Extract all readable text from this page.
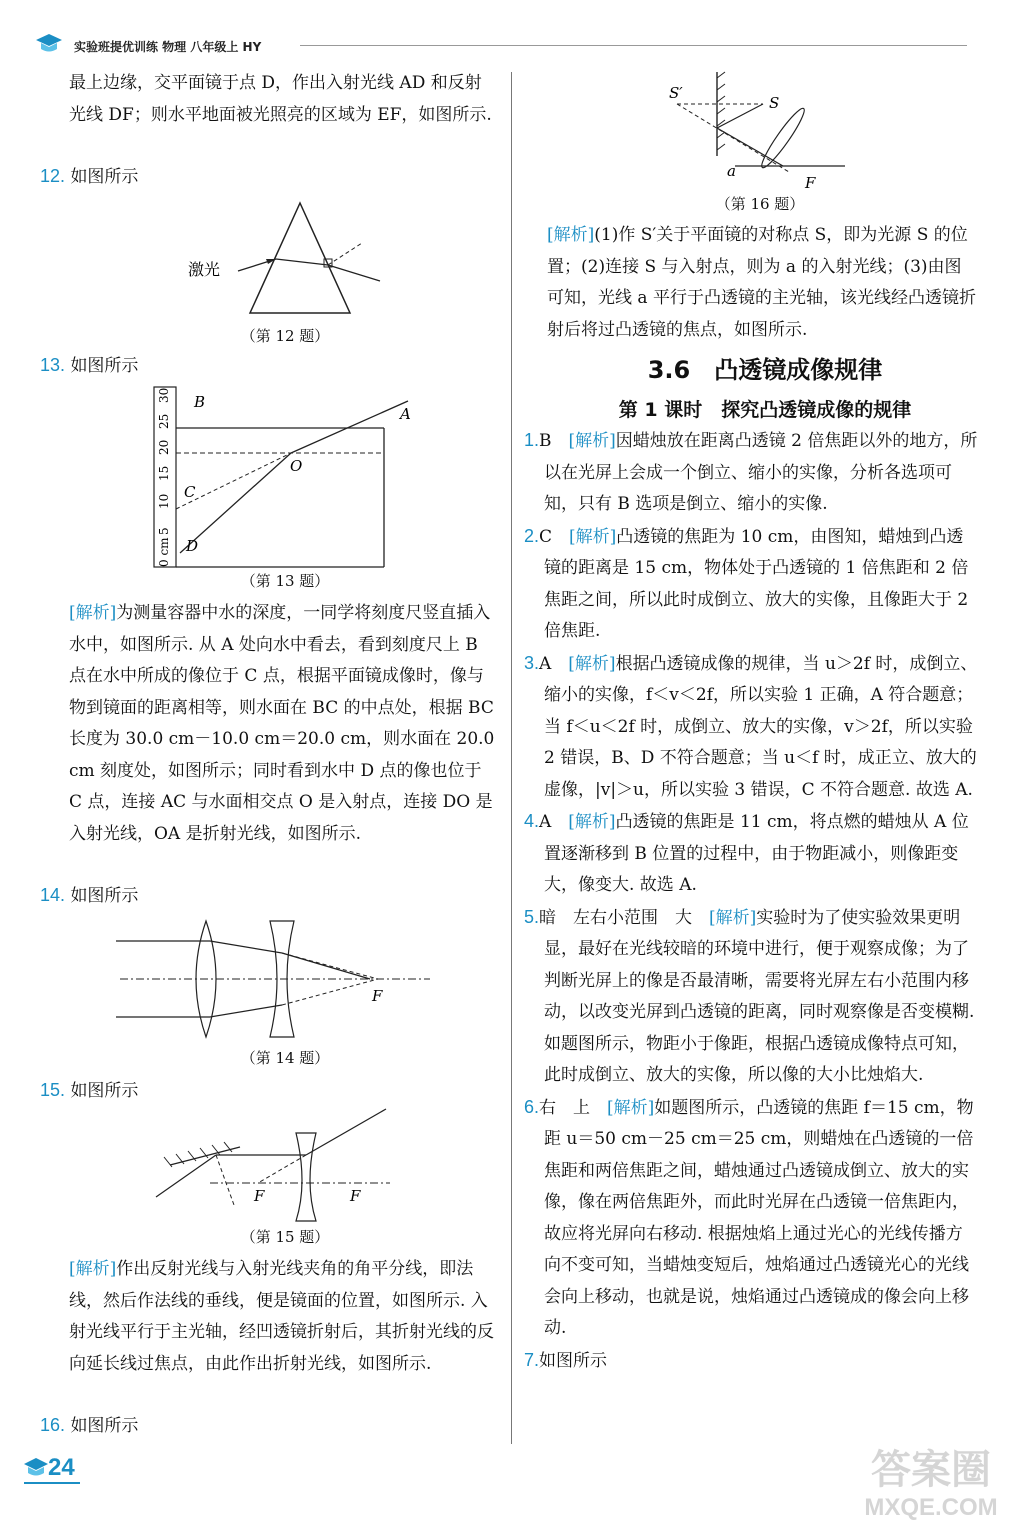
实验班提优训练 物理 八年级上 HY

最上边缘，交平面镜于点 D，作出入射光线 AD 和反射光线 DF；则水平地面被光照亮的区域为 EF，如图所示.

12. 如图所示
激光
（第 12 题）
13. 如图所示
B
A
O
C
D
0 cm
5
10
15
20
25
30
（第 13 题）

[解析]为测量容器中水的深度，一同学将刻度尺竖直插入水中，如图所示. 从 A 处向水中看去，看到刻度尺上 B 点在水中所成的像位于 C 点，根据平面镜成像时，像与物到镜面的距离相等，则水面在 BC 的中点处，根据 BC 长度为 30.0 cm－10.0 cm＝20.0 cm，则水面在 20.0 cm 刻度处，如图所示；同时看到水中 D 点的像也位于 C 点，连接 AC 与水面相交点 O 是入射点，连接 DO 是入射光线，OA 是折射光线，如图所示.

14. 如图所示
F
（第 14 题）
15. 如图所示
F	F
（第 15 题）

[解析]作出反射光线与入射光线夹角的角平分线，即法线，然后作法线的垂线，便是镜面的位置，如图所示. 入射光线平行于主光轴，经凹透镜折射后，其折射光线的反向延长线过焦点，由此作出折射光线，如图所示.

16. 如图所示
24
S′
S
a
F
（第 16 题）

[解析](1)作 S′关于平面镜的对称点 S，即为光源 S 的位置；(2)连接 S 与入射点，则为 a 的入射光线；(3)由图可知，光线 a 平行于凸透镜的主光轴，该光线经凸透镜折射后将过凸透镜的焦点，如图所示.

3.6　凸透镜成像规律
第 1 课时　探究凸透镜成像的规律

1.B　 [解析]因蜡烛放在距离凸透镜 2 倍焦距以外的地方，所以在光屏上会成一个倒立、缩小的实像，分析各选项可知，只有 B 选项是倒立、缩小的实像.

2.C　 [解析]凸透镜的焦距为 10 cm，由图知，蜡烛到凸透镜的距离是 15 cm，物体处于凸透镜的 1 倍焦距和 2 倍焦距之间，所以此时成倒立、放大的实像，且像距大于 2 倍焦距.

3.A　 [解析]根据凸透镜成像的规律，当 u＞2f 时，成倒立、缩小的实像，f＜v＜2f，所以实验 1 正确，A 符合题意；当 f＜u＜2f 时，成倒立、放大的实像，v＞2f，所以实验 2 错误，B、D 不符合题意；当 u＜f 时，成正立、放大的虚像，|v|＞u，所以实验 3 错误，C 不符合题意. 故选 A.

4.A　 [解析]凸透镜的焦距是 11 cm，将点燃的蜡烛从 A 位置逐渐移到 B 位置的过程中，由于物距减小，则像距变大，像变大. 故选 A.

5.暗　左右小范围　大　 [解析]实验时为了使实验效果更明显，最好在光线较暗的环境中进行，便于观察成像；为了判断光屏上的像是否最清晰，需要将光屏左右小范围内移动，以改变光屏到凸透镜的距离，同时观察像是否变模糊. 如题图所示，物距小于像距，根据凸透镜成像特点可知，此时成倒立、放大的实像，所以像的大小比烛焰大.

6.右　上　 [解析]如题图所示，凸透镜的焦距 f＝15 cm，物距 u＝50 cm－25 cm＝25 cm，则蜡烛在凸透镜的一倍焦距和两倍焦距之间，蜡烛通过凸透镜成倒立、放大的实像，像在两倍焦距外，而此时光屏在凸透镜一倍焦距内，故应将光屏向右移动. 根据烛焰上通过光心的光线传播方向不变可知，当蜡烛变短后，烛焰通过凸透镜光心的光线会向上移动，也就是说，烛焰通过凸透镜成的像会向上移动.

7.如图所示

答案圈
MXQE.COM
